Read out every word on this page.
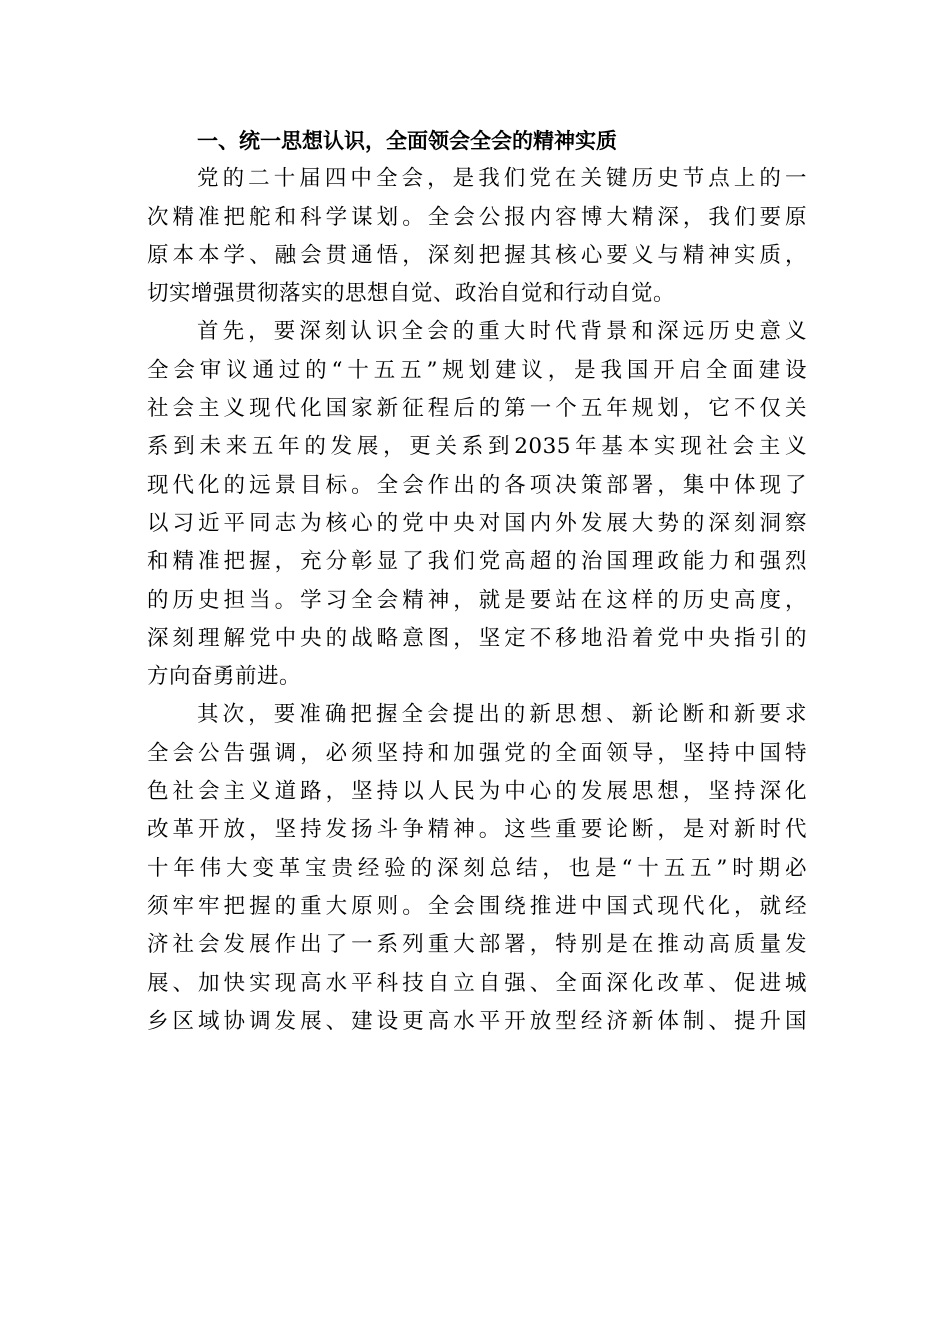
一、统一思想认识，全面领会全会的精神实质
党的二十届四中全会，是我们党在关键历史节点上的一
次精准把舵和科学谋划。全会公报内容博大精深，我们要原
原本本学、融会贯通悟，深刻把握其核心要义与精神实质，
切实增强贯彻落实的思想自觉、政治自觉和行动自觉。
首先，要深刻认识全会的重大时代背景和深远历史意义
全会审议通过的“十五五”规划建议，是我国开启全面建设
社会主义现代化国家新征程后的第一个五年规划，它不仅关
系到未来五年的发展，更关系到2035年基本实现社会主义
现代化的远景目标。全会作出的各项决策部署，集中体现了
以习近平同志为核心的党中央对国内外发展大势的深刻洞察
和精准把握，充分彰显了我们党高超的治国理政能力和强烈
的历史担当。学习全会精神，就是要站在这样的历史高度，
深刻理解党中央的战略意图，坚定不移地沿着党中央指引的
方向奋勇前进。
其次，要准确把握全会提出的新思想、新论断和新要求
全会公告强调，必须坚持和加强党的全面领导，坚持中国特
色社会主义道路，坚持以人民为中心的发展思想，坚持深化
改革开放，坚持发扬斗争精神。这些重要论断，是对新时代
十年伟大变革宝贵经验的深刻总结，也是“十五五”时期必
须牢牢把握的重大原则。全会围绕推进中国式现代化，就经
济社会发展作出了一系列重大部署，特别是在推动高质量发
展、加快实现高水平科技自立自强、全面深化改革、促进城
乡区域协调发展、建设更高水平开放型经济新体制、提升国
